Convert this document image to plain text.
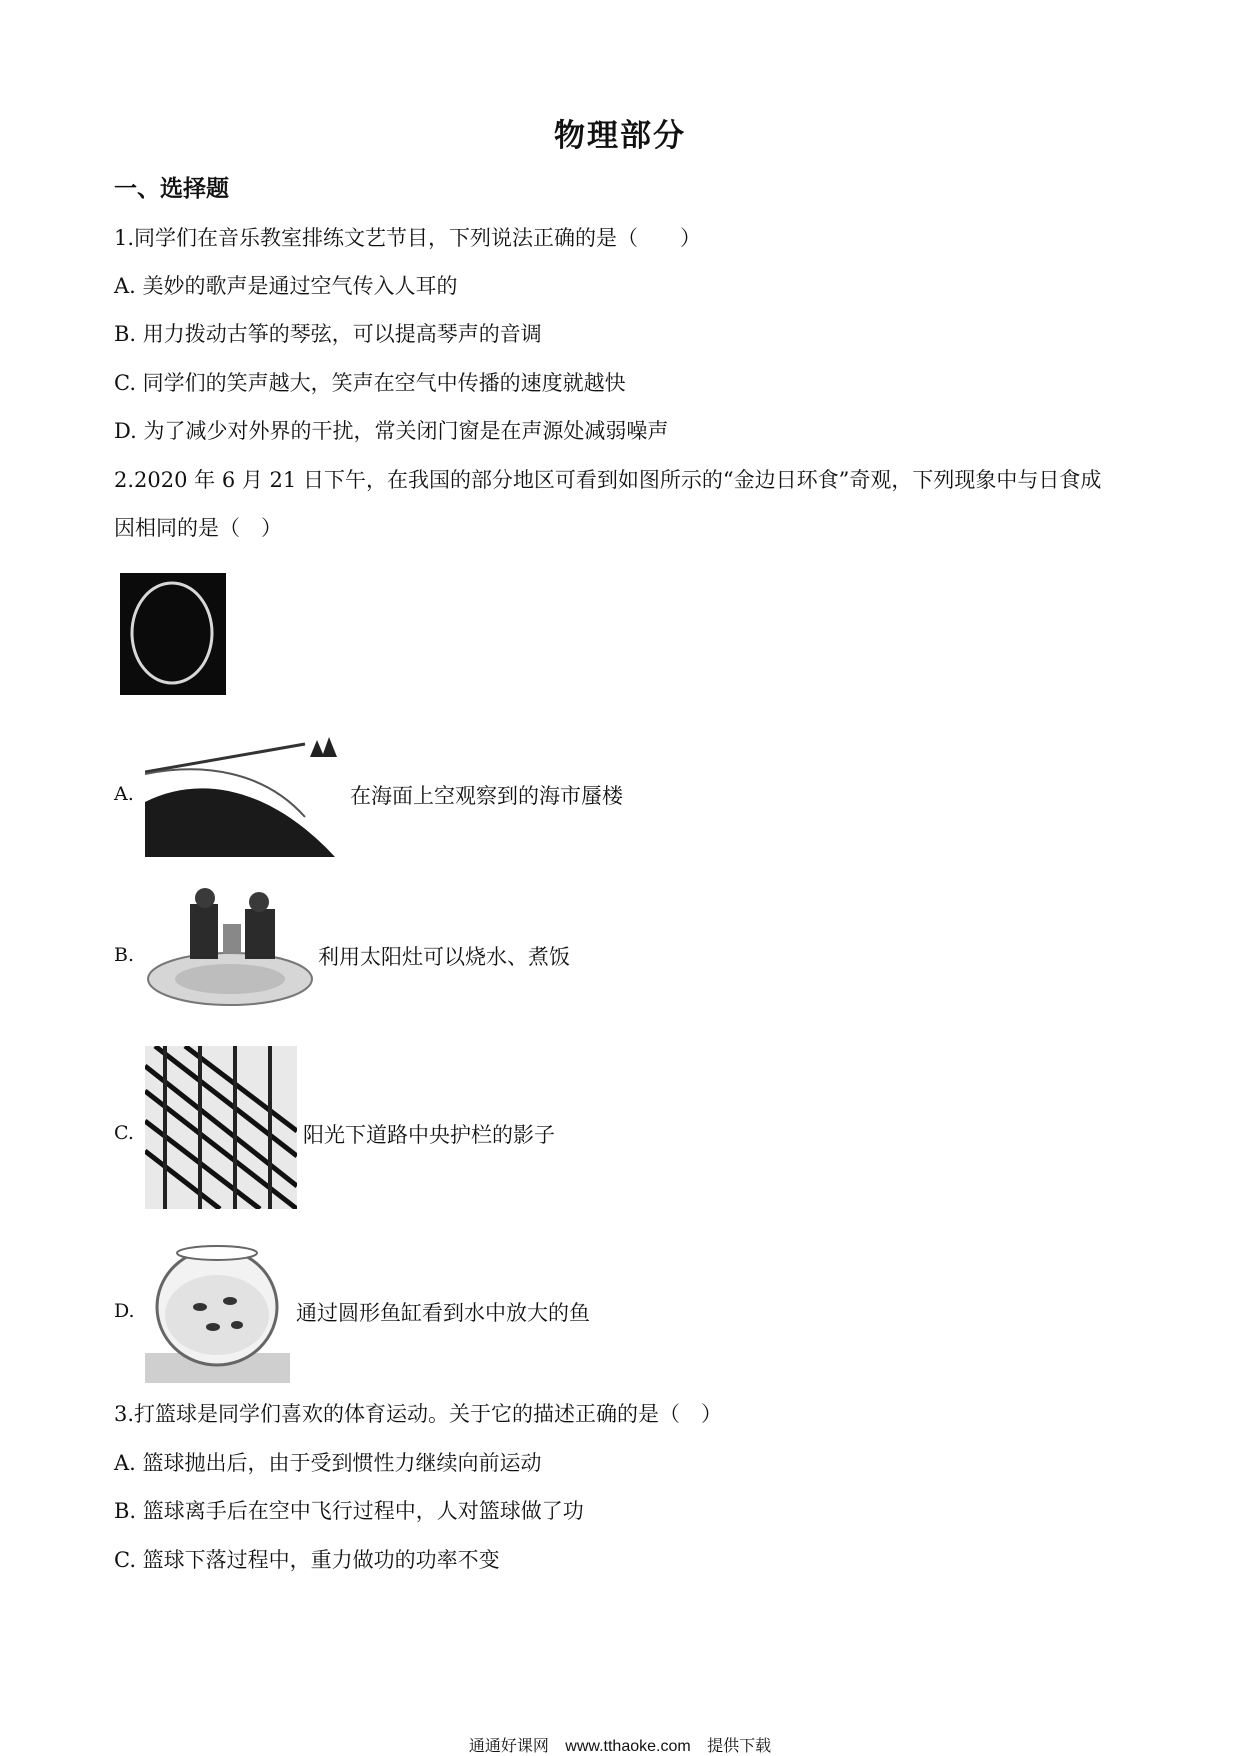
物理部分
一、选择题
1.同学们在音乐教室排练文艺节目，下列说法正确的是（　　）
A. 美妙的歌声是通过空气传入人耳的
B. 用力拨动古筝的琴弦，可以提高琴声的音调
C. 同学们的笑声越大，笑声在空气中传播的速度就越快
D. 为了减少对外界的干扰，常关闭门窗是在声源处减弱噪声
2.2020 年 6 月 21 日下午，在我国的部分地区可看到如图所示的“金边日环食”奇观，下列现象中与日食成
因相同的是（　）
A.	在海面上空观察到的海市蜃楼
B.	利用太阳灶可以烧水、煮饭
C.	阳光下道路中央护栏的影子
D.	通过圆形鱼缸看到水中放大的鱼
3.打篮球是同学们喜欢的体育运动。关于它的描述正确的是（　）
A. 篮球抛出后，由于受到惯性力继续向前运动
B. 篮球离手后在空中飞行过程中，人对篮球做了功
C. 篮球下落过程中，重力做功的功率不变
通通好课网 www.tthaoke.com 提供下载
